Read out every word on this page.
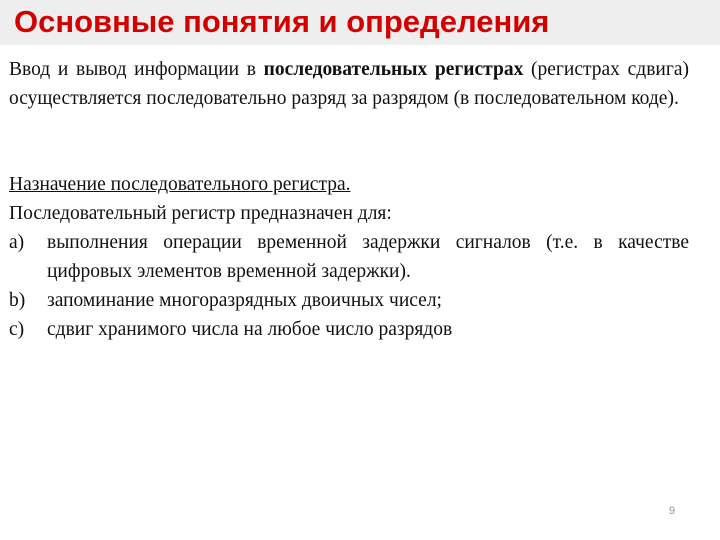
Основные понятия и определения

Ввод и вывод информации в последовательных регистрах (регистрах сдвига) осуществляется последовательно разряд за разрядом (в последовательном коде).

Назначение последовательного регистра.

Последовательный регистр предназначен для:

a)	выполнения операции временной задержки сигналов (т.е. в качестве цифровых элементов временной задержки).
b)	запоминание многоразрядных двоичных чисел;
c)	сдвиг хранимого числа на любое число разрядов
9
